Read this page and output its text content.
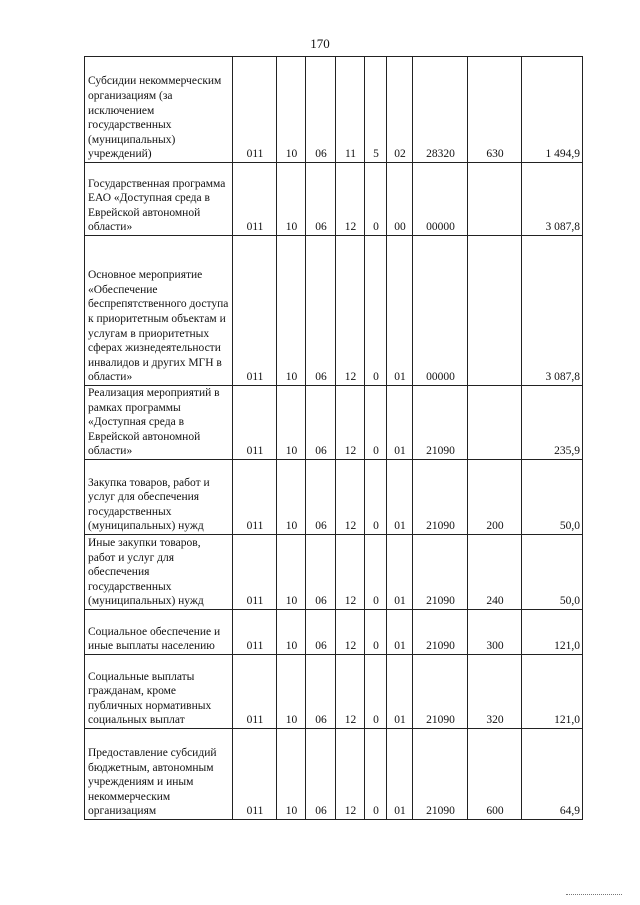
170
Субсидии некоммерческим организациям (за исключением государственных (муниципальных) учреждений)	011	10	06	11	5	02	28320	630	1 494,9
Государственная программа ЕАО «Доступная среда в Еврейской автономной области»	011	10	06	12	0	00	00000		3 087,8
Основное мероприятие «Обеспечение беспрепятственного доступа к приоритетным объектам и услугам в приоритетных сферах жизнедеятельности инвалидов и других МГН в области»	011	10	06	12	0	01	00000		3 087,8
Реализация мероприятий в рамках программы «Доступная среда в Еврейской автономной области»	011	10	06	12	0	01	21090		235,9
Закупка товаров, работ и услуг для обеспечения государственных (муниципальных) нужд	011	10	06	12	0	01	21090	200	50,0
Иные закупки товаров, работ и услуг для обеспечения государственных (муниципальных) нужд	011	10	06	12	0	01	21090	240	50,0
Социальное обеспечение и иные выплаты населению	011	10	06	12	0	01	21090	300	121,0
Социальные выплаты гражданам, кроме публичных нормативных социальных выплат	011	10	06	12	0	01	21090	320	121,0
Предоставление субсидий бюджетным, автономным учреждениям и иным некоммерческим организациям	011	10	06	12	0	01	21090	600	64,9
